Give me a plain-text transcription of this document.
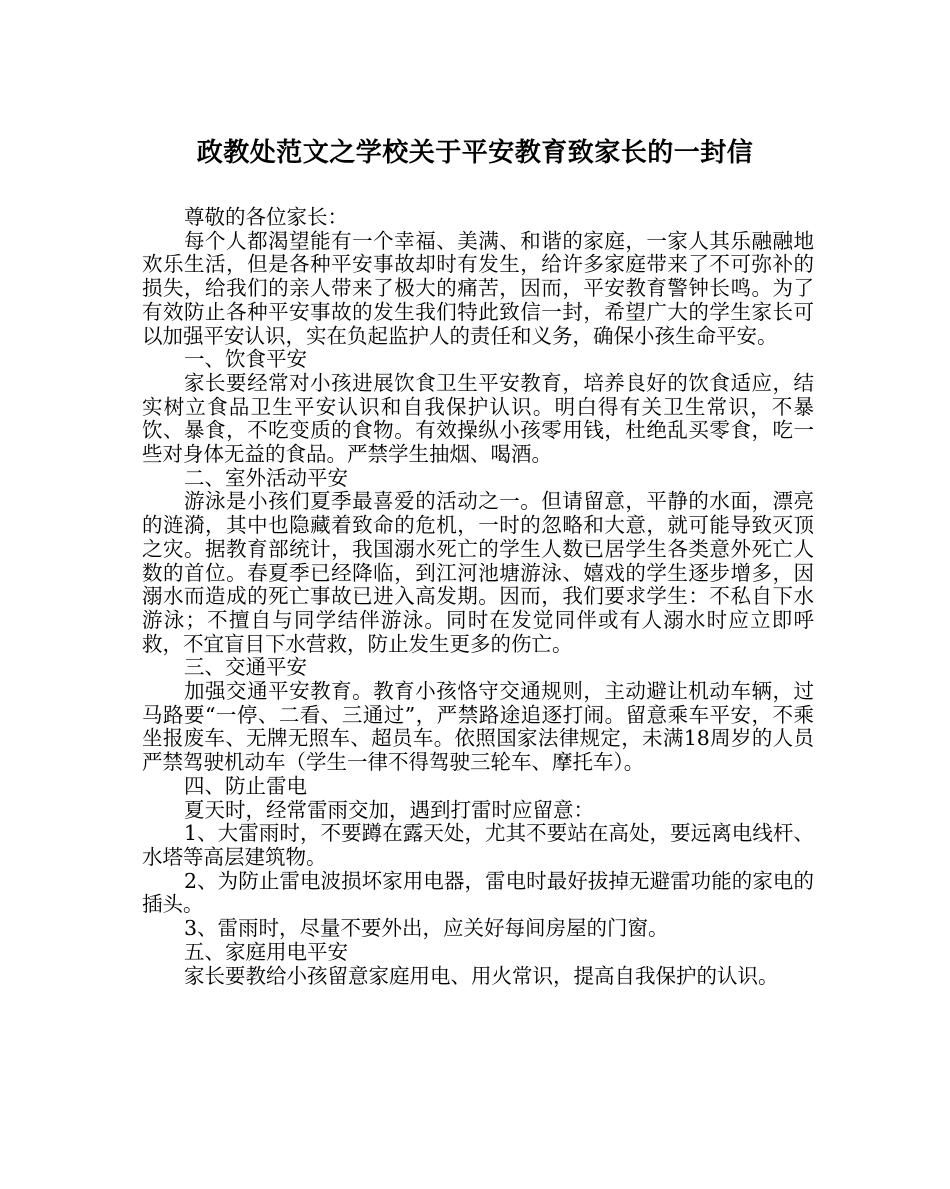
政教处范文之学校关于平安教育致家长的一封信

尊敬的各位家长：

每个人都渴望能有一个幸福、美满、和谐的家庭，一家人其乐融融地欢乐生活，但是各种平安事故却时有发生，给许多家庭带来了不可弥补的损失，给我们的亲人带来了极大的痛苦，因而，平安教育警钟长鸣。为了有效防止各种平安事故的发生我们特此致信一封，希望广大的学生家长可以加强平安认识，实在负起监护人的责任和义务，确保小孩生命平安。

一、饮食平安

家长要经常对小孩进展饮食卫生平安教育，培养良好的饮食适应，结实树立食品卫生平安认识和自我保护认识。明白得有关卫生常识，不暴饮、暴食，不吃变质的食物。有效操纵小孩零用钱，杜绝乱买零食，吃一些对身体无益的食品。严禁学生抽烟、喝酒。

二、室外活动平安

游泳是小孩们夏季最喜爱的活动之一。但请留意，平静的水面，漂亮的涟漪，其中也隐藏着致命的危机，一时的忽略和大意，就可能导致灭顶之灾。据教育部统计，我国溺水死亡的学生人数已居学生各类意外死亡人数的首位。春夏季已经降临，到江河池塘游泳、嬉戏的学生逐步增多，因溺水而造成的死亡事故已进入高发期。因而，我们要求学生：不私自下水游泳；不擅自与同学结伴游泳。同时在发觉同伴或有人溺水时应立即呼救，不宜盲目下水营救，防止发生更多的伤亡。

三、交通平安

加强交通平安教育。教育小孩恪守交通规则，主动避让机动车辆，过马路要“一停、二看、三通过”，严禁路途追逐打闹。留意乘车平安，不乘坐报废车、无牌无照车、超员车。依照国家法律规定，未满18周岁的人员严禁驾驶机动车（学生一律不得驾驶三轮车、摩托车）。

四、防止雷电

夏天时，经常雷雨交加，遇到打雷时应留意：

1、大雷雨时，不要蹲在露天处，尤其不要站在高处，要远离电线杆、水塔等高层建筑物。

2、为防止雷电波损坏家用电器，雷电时最好拔掉无避雷功能的家电的插头。

3、雷雨时，尽量不要外出，应关好每间房屋的门窗。

五、家庭用电平安

家长要教给小孩留意家庭用电、用火常识，提高自我保护的认识。
